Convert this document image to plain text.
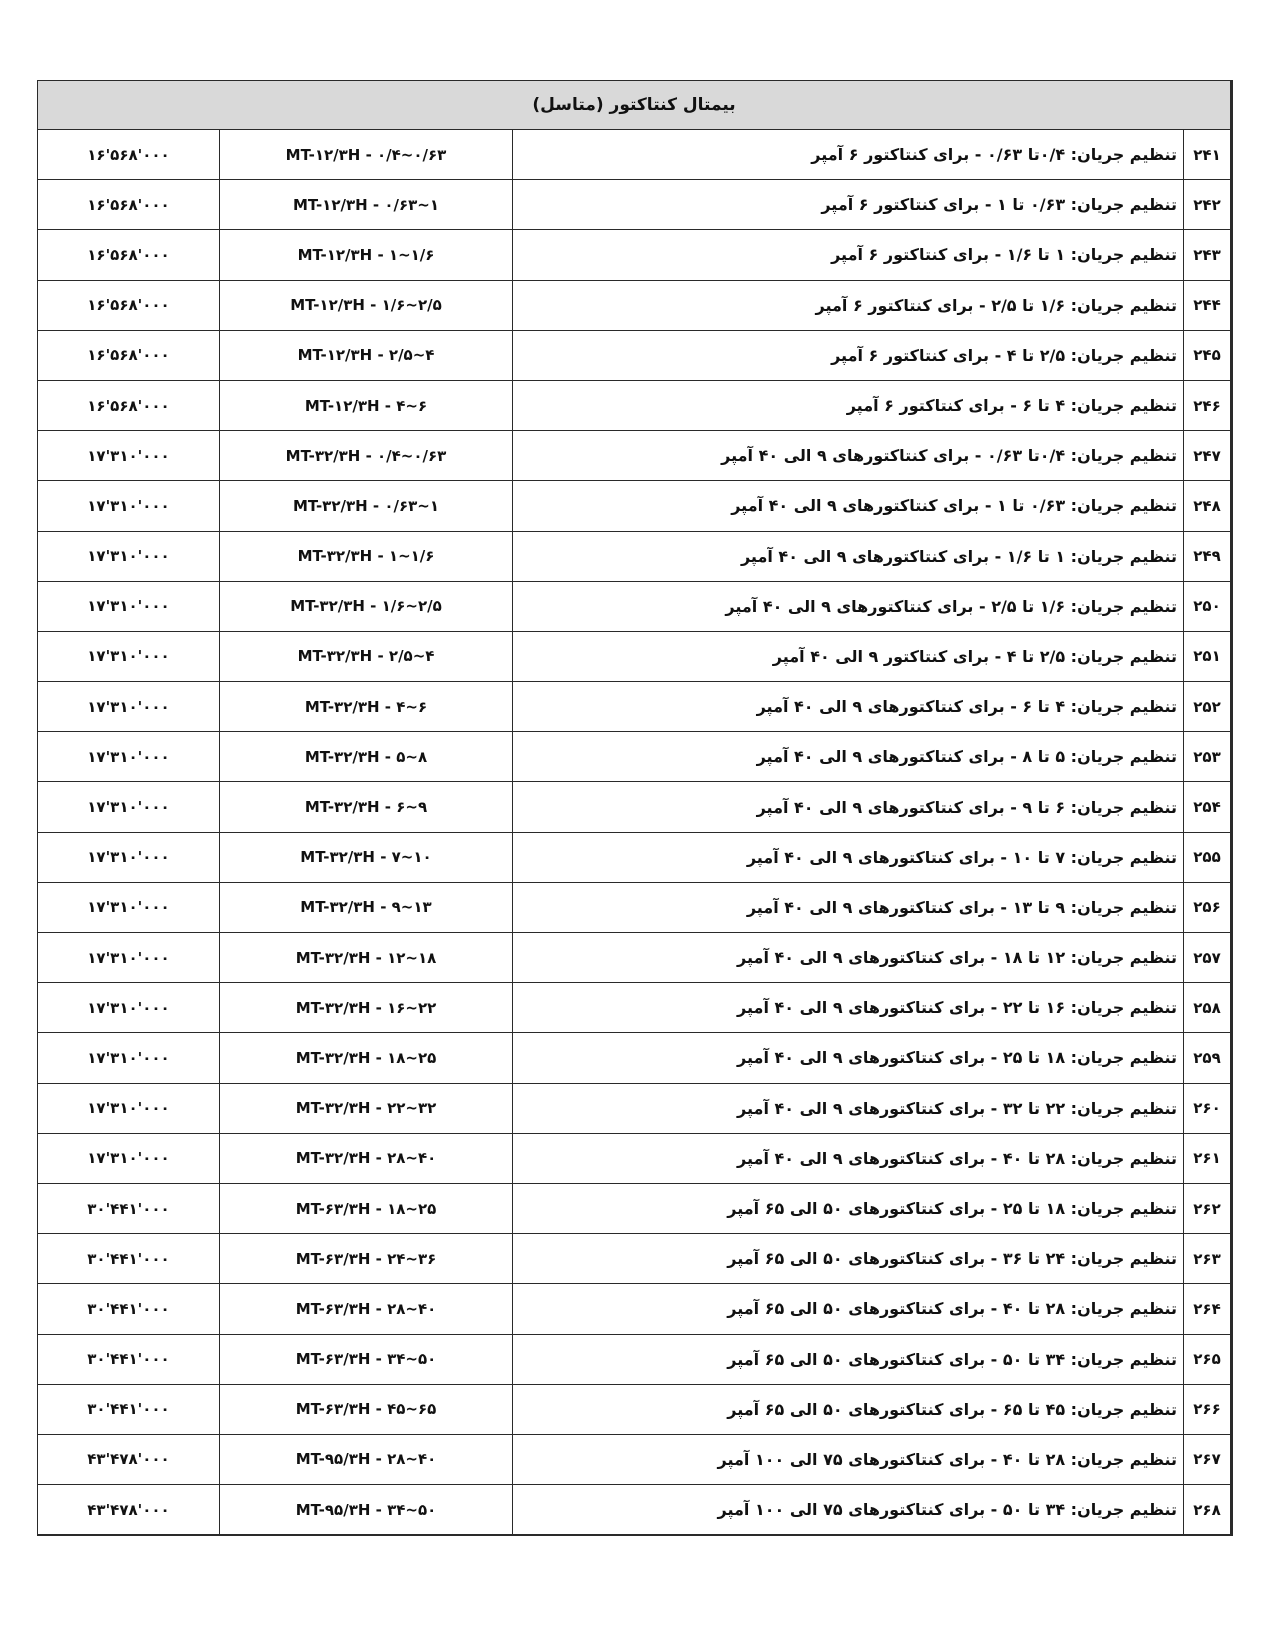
بیمتال کنتاکتور (متاسل)
۱۶'۵۶۸'۰۰۰	MT-۱۲/۳H - ۰/۴~۰/۶۳	تنظیم جریان: ۰/۴تا ۰/۶۳ - برای کنتاکتور ۶ آمپر	۲۴۱
۱۶'۵۶۸'۰۰۰	MT-۱۲/۳H - ۰/۶۳~۱	تنظیم جریان: ۰/۶۳ تا ۱ - برای کنتاکتور ۶ آمپر	۲۴۲
۱۶'۵۶۸'۰۰۰	MT-۱۲/۳H - ۱~۱/۶	تنظیم جریان: ۱ تا ۱/۶ - برای کنتاکتور ۶ آمپر	۲۴۳
۱۶'۵۶۸'۰۰۰	MT-۱۲/۳H - ۱/۶~۲/۵	تنظیم جریان: ۱/۶ تا ۲/۵ - برای کنتاکتور ۶ آمپر	۲۴۴
۱۶'۵۶۸'۰۰۰	MT-۱۲/۳H - ۲/۵~۴	تنظیم جریان: ۲/۵ تا ۴ - برای کنتاکتور ۶ آمپر	۲۴۵
۱۶'۵۶۸'۰۰۰	MT-۱۲/۳H - ۴~۶	تنظیم جریان: ۴ تا ۶ - برای کنتاکتور ۶ آمپر	۲۴۶
۱۷'۳۱۰'۰۰۰	MT-۳۲/۳H - ۰/۴~۰/۶۳	تنظیم جریان: ۰/۴تا ۰/۶۳ - برای کنتاکتورهای ۹ الی ۴۰ آمپر	۲۴۷
۱۷'۳۱۰'۰۰۰	MT-۳۲/۳H - ۰/۶۳~۱	تنظیم جریان: ۰/۶۳ تا ۱ - برای کنتاکتورهای ۹ الی ۴۰ آمپر	۲۴۸
۱۷'۳۱۰'۰۰۰	MT-۳۲/۳H - ۱~۱/۶	تنظیم جریان: ۱ تا ۱/۶ - برای کنتاکتورهای ۹ الی ۴۰ آمپر	۲۴۹
۱۷'۳۱۰'۰۰۰	MT-۳۲/۳H - ۱/۶~۲/۵	تنظیم جریان: ۱/۶ تا ۲/۵ - برای کنتاکتورهای ۹ الی ۴۰ آمپر	۲۵۰
۱۷'۳۱۰'۰۰۰	MT-۳۲/۳H - ۲/۵~۴	تنظیم جریان: ۲/۵ تا ۴ - برای کنتاکتور ۹ الی ۴۰ آمپر	۲۵۱
۱۷'۳۱۰'۰۰۰	MT-۳۲/۳H - ۴~۶	تنظیم جریان: ۴ تا ۶ - برای کنتاکتورهای ۹ الی ۴۰ آمپر	۲۵۲
۱۷'۳۱۰'۰۰۰	MT-۳۲/۳H - ۵~۸	تنظیم جریان: ۵ تا ۸ - برای کنتاکتورهای ۹ الی ۴۰ آمپر	۲۵۳
۱۷'۳۱۰'۰۰۰	MT-۳۲/۳H - ۶~۹	تنظیم جریان: ۶ تا ۹ - برای کنتاکتورهای ۹ الی ۴۰ آمپر	۲۵۴
۱۷'۳۱۰'۰۰۰	MT-۳۲/۳H - ۷~۱۰	تنظیم جریان: ۷ تا ۱۰ - برای کنتاکتورهای ۹ الی ۴۰ آمپر	۲۵۵
۱۷'۳۱۰'۰۰۰	MT-۳۲/۳H - ۹~۱۳	تنظیم جریان: ۹ تا ۱۳ - برای کنتاکتورهای ۹ الی ۴۰ آمپر	۲۵۶
۱۷'۳۱۰'۰۰۰	MT-۳۲/۳H - ۱۲~۱۸	تنظیم جریان: ۱۲ تا ۱۸ - برای کنتاکتورهای ۹ الی ۴۰ آمپر	۲۵۷
۱۷'۳۱۰'۰۰۰	MT-۳۲/۳H - ۱۶~۲۲	تنظیم جریان: ۱۶ تا ۲۲ - برای کنتاکتورهای ۹ الی ۴۰ آمپر	۲۵۸
۱۷'۳۱۰'۰۰۰	MT-۳۲/۳H - ۱۸~۲۵	تنظیم جریان: ۱۸ تا ۲۵ - برای کنتاکتورهای ۹ الی ۴۰ آمپر	۲۵۹
۱۷'۳۱۰'۰۰۰	MT-۳۲/۳H - ۲۲~۳۲	تنظیم جریان: ۲۲ تا ۳۲ - برای کنتاکتورهای ۹ الی ۴۰ آمپر	۲۶۰
۱۷'۳۱۰'۰۰۰	MT-۳۲/۳H - ۲۸~۴۰	تنظیم جریان: ۲۸ تا ۴۰ - برای کنتاکتورهای ۹ الی ۴۰ آمپر	۲۶۱
۳۰'۴۴۱'۰۰۰	MT-۶۳/۳H - ۱۸~۲۵	تنظیم جریان: ۱۸ تا ۲۵ - برای کنتاکتورهای ۵۰ الی ۶۵ آمپر	۲۶۲
۳۰'۴۴۱'۰۰۰	MT-۶۳/۳H - ۲۴~۳۶	تنظیم جریان: ۲۴ تا ۳۶ - برای کنتاکتورهای ۵۰ الی ۶۵ آمپر	۲۶۳
۳۰'۴۴۱'۰۰۰	MT-۶۳/۳H - ۲۸~۴۰	تنظیم جریان: ۲۸ تا ۴۰ - برای کنتاکتورهای ۵۰ الی ۶۵ آمپر	۲۶۴
۳۰'۴۴۱'۰۰۰	MT-۶۳/۳H - ۳۴~۵۰	تنظیم جریان: ۳۴ تا ۵۰ - برای کنتاکتورهای ۵۰ الی ۶۵ آمپر	۲۶۵
۳۰'۴۴۱'۰۰۰	MT-۶۳/۳H - ۴۵~۶۵	تنظیم جریان: ۴۵ تا ۶۵ - برای کنتاکتورهای ۵۰ الی ۶۵ آمپر	۲۶۶
۴۳'۴۷۸'۰۰۰	MT-۹۵/۳H - ۲۸~۴۰	تنظیم جریان: ۲۸ تا ۴۰ - برای کنتاکتورهای ۷۵ الی ۱۰۰ آمپر	۲۶۷
۴۳'۴۷۸'۰۰۰	MT-۹۵/۳H - ۳۴~۵۰	تنظیم جریان: ۳۴ تا ۵۰ - برای کنتاکتورهای ۷۵ الی ۱۰۰ آمپر	۲۶۸
